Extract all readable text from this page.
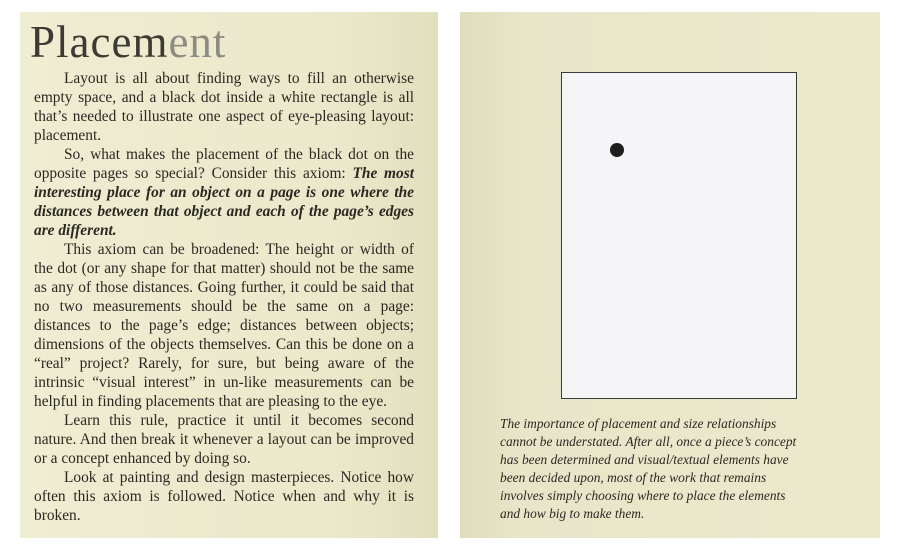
Placement

Layout is all about finding ways to fill an otherwise empty space, and a black dot inside a white rectangle is all that’s needed to illustrate one aspect of eye-pleasing layout: placement.

So, what makes the placement of the black dot on the opposite pages so special? Consider this axiom: The most interesting place for an object on a page is one where the distances between that object and each of the page’s edges are different.

This axiom can be broadened: The height or width of the dot (or any shape for that matter) should not be the same as any of those distances. Going further, it could be said that no two measurements should be the same on a page: distances to the page’s edge; distances between objects; dimensions of the objects themselves. Can this be done on a “real” project? Rarely, for sure, but being aware of the intrinsic “visual interest” in un-like measurements can be helpful in finding placements that are pleasing to the eye.

Learn this rule, practice it until it becomes second nature. And then break it whenever a layout can be improved or a concept enhanced by doing so.

Look at painting and design masterpieces. Notice how often this axiom is followed. Notice when and why it is broken.

The importance of placement and size relationships
cannot be understated. After all, once a piece’s concept
has been determined and visual/textual elements have
been decided upon, most of the work that remains
involves simply choosing where to place the elements
and how big to make them.
